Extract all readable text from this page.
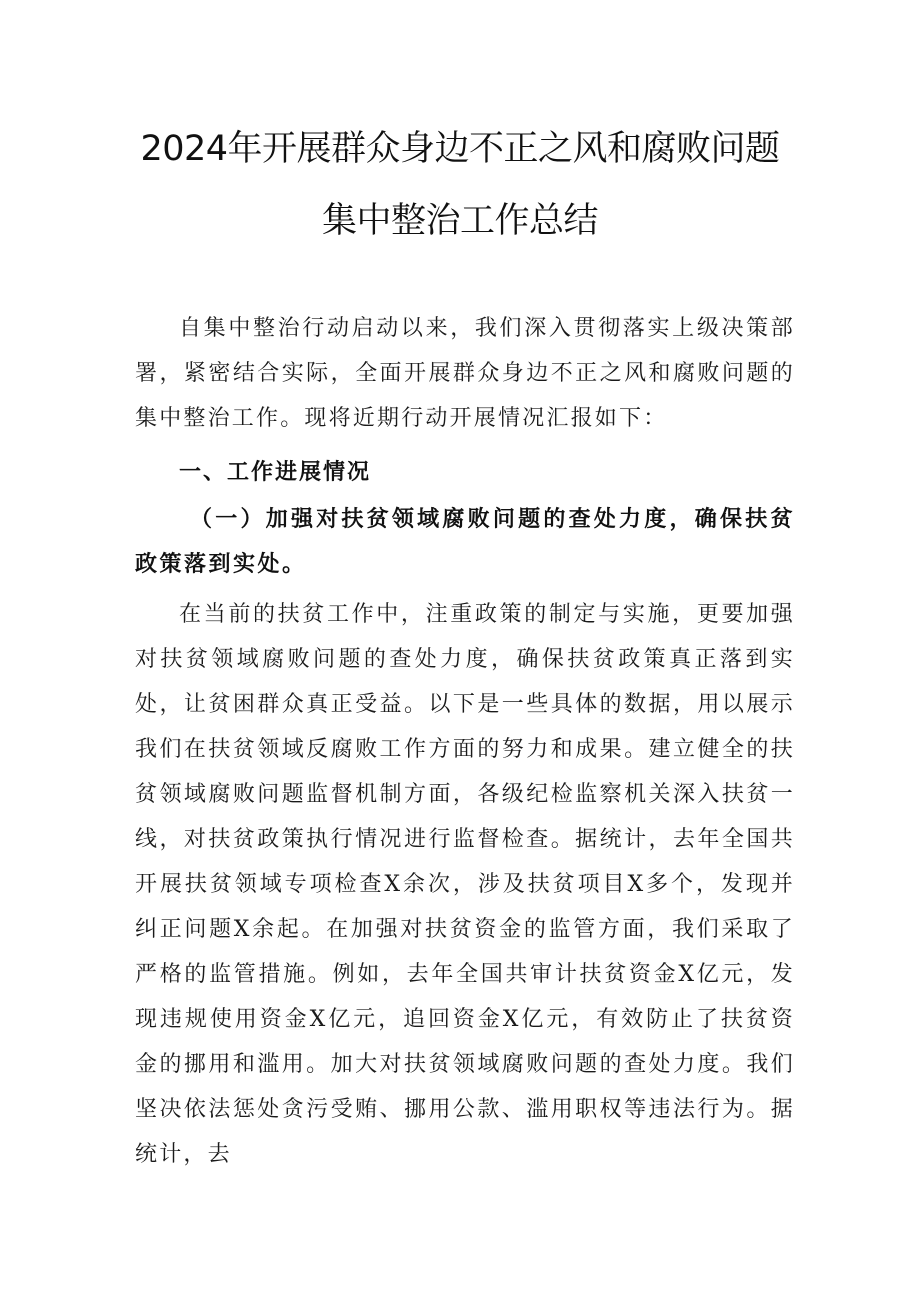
2024年开展群众身边不正之风和腐败问题
集中整治工作总结
自集中整治行动启动以来，我们深入贯彻落实上级决策部署，紧密结合实际，全面开展群众身边不正之风和腐败问题的集中整治工作。现将近期行动开展情况汇报如下：
一、工作进展情况
（一）加强对扶贫领域腐败问题的查处力度，确保扶贫政策落到实处。
在当前的扶贫工作中，注重政策的制定与实施，更要加强对扶贫领域腐败问题的查处力度，确保扶贫政策真正落到实处，让贫困群众真正受益。以下是一些具体的数据，用以展示我们在扶贫领域反腐败工作方面的努力和成果。建立健全的扶贫领域腐败问题监督机制方面，各级纪检监察机关深入扶贫一线，对扶贫政策执行情况进行监督检查。据统计，去年全国共开展扶贫领域专项检查X余次，涉及扶贫项目X多个，发现并纠正问题X余起。在加强对扶贫资金的监管方面，我们采取了严格的监管措施。例如，去年全国共审计扶贫资金X亿元，发现违规使用资金X亿元，追回资金X亿元，有效防止了扶贫资金的挪用和滥用。加大对扶贫领域腐败问题的查处力度。我们坚决依法惩处贪污受贿、挪用公款、滥用职权等违法行为。据统计，去
